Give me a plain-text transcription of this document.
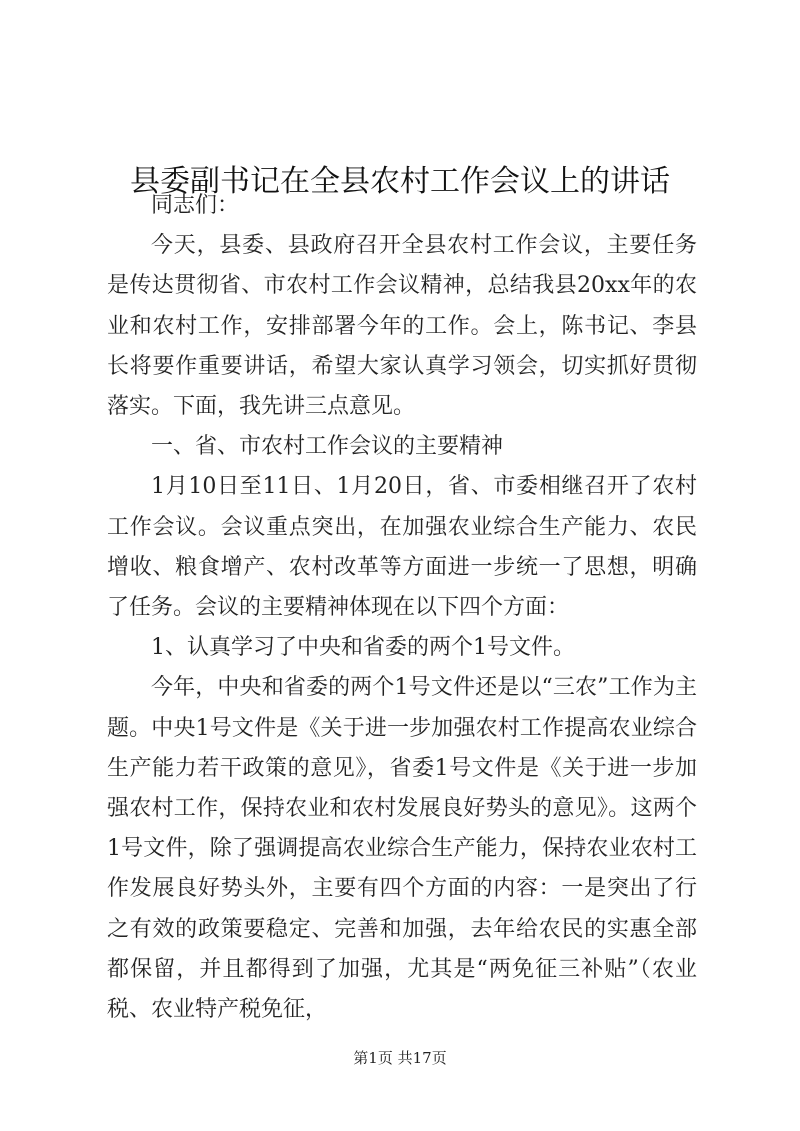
县委副书记在全县农村工作会议上的讲话

同志们：

今天，县委、县政府召开全县农村工作会议，主要任务是传达贯彻省、市农村工作会议精神，总结我县20xx年的农业和农村工作，安排部署今年的工作。会上，陈书记、李县长将要作重要讲话，希望大家认真学习领会，切实抓好贯彻落实。下面，我先讲三点意见。

一、省、市农村工作会议的主要精神

1月10日至11日、1月20日，省、市委相继召开了农村工作会议。会议重点突出，在加强农业综合生产能力、农民增收、粮食增产、农村改革等方面进一步统一了思想，明确了任务。会议的主要精神体现在以下四个方面：

1、认真学习了中央和省委的两个1号文件。

今年，中央和省委的两个1号文件还是以“三农”工作为主题。中央1号文件是《关于进一步加强农村工作提高农业综合生产能力若干政策的意见》，省委1号文件是《关于进一步加强农村工作，保持农业和农村发展良好势头的意见》。这两个1号文件，除了强调提高农业综合生产能力，保持农业农村工作发展良好势头外，主要有四个方面的内容：一是突出了行之有效的政策要稳定、完善和加强，去年给农民的实惠全部都保留，并且都得到了加强，尤其是“两免征三补贴”（农业税、农业特产税免征，

第1页 共17页
